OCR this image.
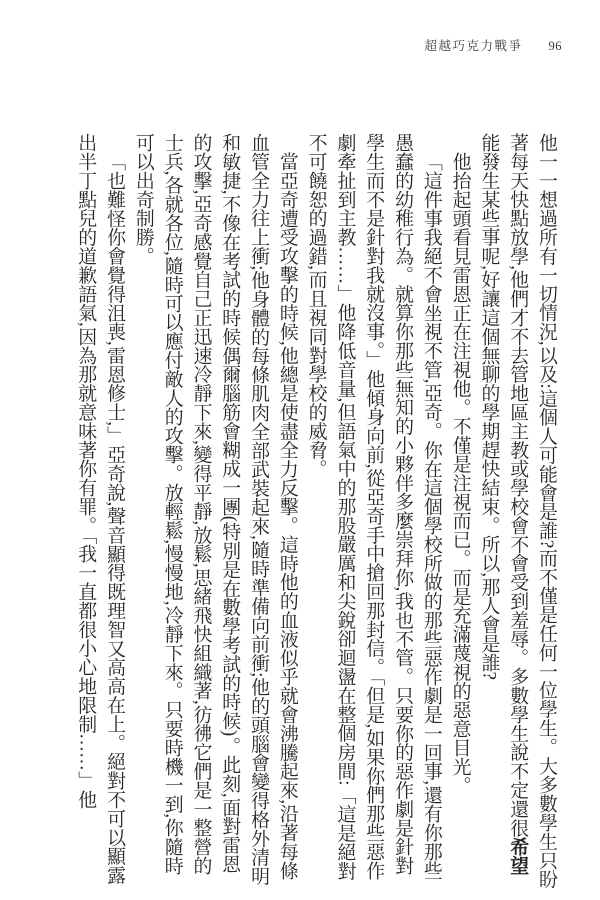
超越巧克力戰爭 96

他一一想過所有一切情況,以及:這個人可能會是誰?而不僅是任何一位學生。大多數學生只盼著每天快點放學,他們才不去管地區主教或學校會不會受到羞辱。多數學生說不定還很希望能發生某些事呢,好讓這個無聊的學期趕快結束。所以,那人會是誰?

他抬起頭看見雷恩正在注視他。不僅是注視而已。而是充滿蔑視的惡意目光。

「這件事我絕不會坐視不管,亞奇。你在這個學校所做的那些惡作劇是一回事,還有你那些愚蠢的幼稚行為。就算你那些無知的小夥伴多麼崇拜你,我也不管。只要你的惡作劇是針對學生而不是針對我就沒事。」他傾身向前,從亞奇手中搶回那封信。「但是,如果你們那些惡作劇牽扯到主教……」他降低音量,但語氣中的那股嚴厲和尖銳卻迴盪在整個房間:「這是絕對不可饒恕的過錯,而且視同對學校的威脅。

當亞奇遭受攻擊的時候,他總是使盡全力反擊。這時他的血液似乎就會沸騰起來,沿著每條血管全力往上衝;他身體的每條肌肉全部武裝起來,隨時準備向前衝;他的頭腦會變得格外清明和敏捷,不像在考試的時候偶爾腦筋會糊成一團(特別是在數學考試的時候)。此刻,面對雷恩的攻擊,亞奇感覺自己正迅速冷靜下來,變得平靜,放鬆,思緒飛快組織著,彷彿它們是一整營的士兵,各就各位,隨時可以應付敵人的攻擊。放輕鬆,慢慢地,冷靜下來。只要時機一到,你隨時可以出奇制勝。

「也難怪你會覺得沮喪,雷恩修士,」亞奇說,聲音顯得既理智又高高在上。絕對不可以顯露出半丁點兒的道歉語氣,因為那就意味著你有罪。「我一直都很小心地限制……」他
